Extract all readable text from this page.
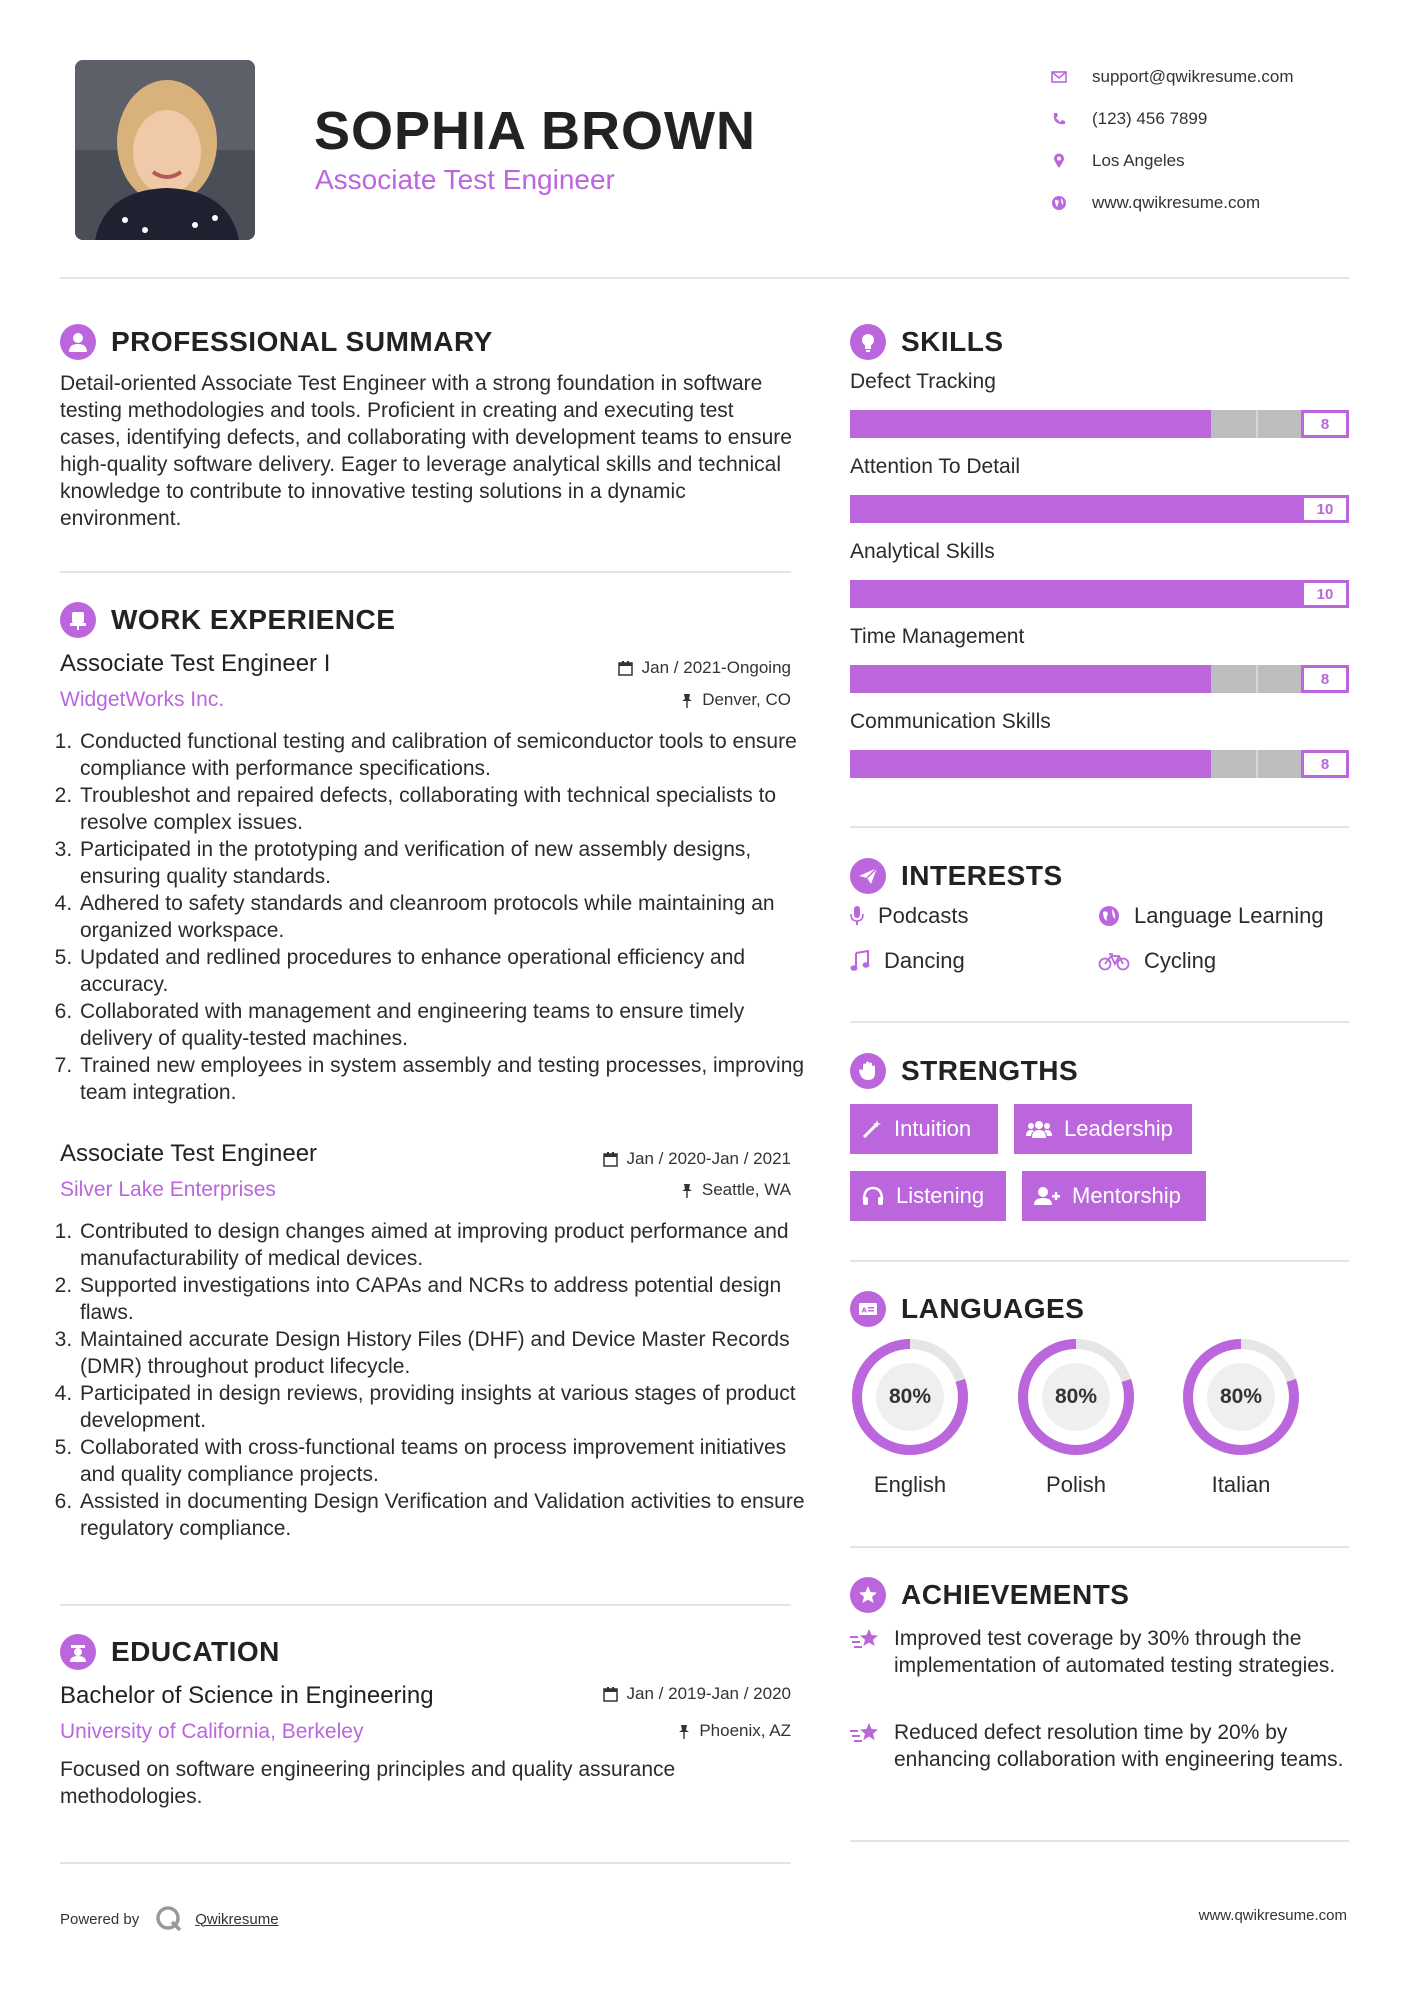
SOPHIA BROWN
Associate Test Engineer
support@qwikresume.com
(123) 456 7899
Los Angeles
www.qwikresume.com
PROFESSIONAL SUMMARY
Detail-oriented Associate Test Engineer with a strong foundation in software testing methodologies and tools. Proficient in creating and executing test cases, identifying defects, and collaborating with development teams to ensure high-quality software delivery. Eager to leverage analytical skills and technical knowledge to contribute to innovative testing solutions in a dynamic environment.
WORK EXPERIENCE
Associate Test Engineer I	Jan / 2021-Ongoing
WidgetWorks Inc.	Denver, CO
1. Conducted functional testing and calibration of semiconductor tools to ensure compliance with performance specifications.
2. Troubleshot and repaired defects, collaborating with technical specialists to resolve complex issues.
3. Participated in the prototyping and verification of new assembly designs, ensuring quality standards.
4. Adhered to safety standards and cleanroom protocols while maintaining an organized workspace.
5. Updated and redlined procedures to enhance operational efficiency and accuracy.
6. Collaborated with management and engineering teams to ensure timely delivery of quality-tested machines.
7. Trained new employees in system assembly and testing processes, improving team integration.
Associate Test Engineer	Jan / 2020-Jan / 2021
Silver Lake Enterprises	Seattle, WA
1. Contributed to design changes aimed at improving product performance and manufacturability of medical devices.
2. Supported investigations into CAPAs and NCRs to address potential design flaws.
3. Maintained accurate Design History Files (DHF) and Device Master Records (DMR) throughout product lifecycle.
4. Participated in design reviews, providing insights at various stages of product development.
5. Collaborated with cross-functional teams on process improvement initiatives and quality compliance projects.
6. Assisted in documenting Design Verification and Validation activities to ensure regulatory compliance.
EDUCATION
Bachelor of Science in Engineering	Jan / 2019-Jan / 2020
University of California, Berkeley	Phoenix, AZ
Focused on software engineering principles and quality assurance methodologies.
SKILLS
Defect Tracking
8
Attention To Detail
10
Analytical Skills
10
Time Management
8
Communication Skills
8
INTERESTS
Podcasts	Language Learning
Dancing	Cycling
STRENGTHS
Intuition	Leadership
Listening	Mentorship
A LANGUAGES
80%
English
80%
Polish
80%
Italian
ACHIEVEMENTS
Improved test coverage by 30% through the implementation of automated testing strategies.
Reduced defect resolution time by 20% by enhancing collaboration with engineering teams.
Powered by	Qwikresume	www.qwikresume.com
